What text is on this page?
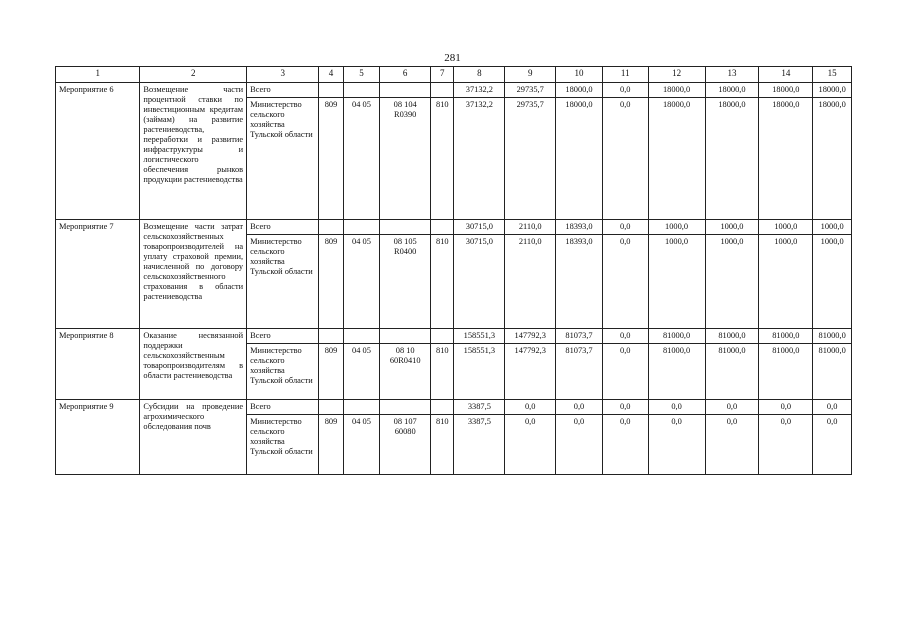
281
1	2	3	4	5	6	7	8	9	10	11	12	13	14	15
Мероприятие 6	Возмещение части процентной ставки по инвестиционным кредитам (займам) на развитие растениеводства, переработки и развитие инфраструктуры и логистического обеспечения рынков продукции растениеводства	Всего					37132,2	29735,7	18000,0	0,0	18000,0	18000,0	18000,0	18000,0
		Министерство сельского хозяйства Тульской области	809	04 05	08 104 R0390	810	37132,2	29735,7	18000,0	0,0	18000,0	18000,0	18000,0	18000,0
Мероприятие 7	Возмещение части затрат сельскохозяйственных товаропроизводителей на уплату страховой премии, начисленной по договору сельскохозяйственного страхования в области растениеводства	Всего					30715,0	2110,0	18393,0	0,0	1000,0	1000,0	1000,0	1000,0
		Министерство сельского хозяйства Тульской области	809	04 05	08 105 R0400	810	30715,0	2110,0	18393,0	0,0	1000,0	1000,0	1000,0	1000,0
Мероприятие 8	Оказание несвязанной поддержки сельскохозяйственным товаропроизводителям в области растениеводства	Всего					158551,3	147792,3	81073,7	0,0	81000,0	81000,0	81000,0	81000,0
		Министерство сельского хозяйства Тульской области	809	04 05	08 10 60R0410	810	158551,3	147792,3	81073,7	0,0	81000,0	81000,0	81000,0	81000,0
Мероприятие 9	Субсидии на проведение агрохимического обследования почв	Всего					3387,5	0,0	0,0	0,0	0,0	0,0	0,0	0,0
		Министерство сельского хозяйства Тульской области	809	04 05	08 107 60080	810	3387,5	0,0	0,0	0,0	0,0	0,0	0,0	0,0
